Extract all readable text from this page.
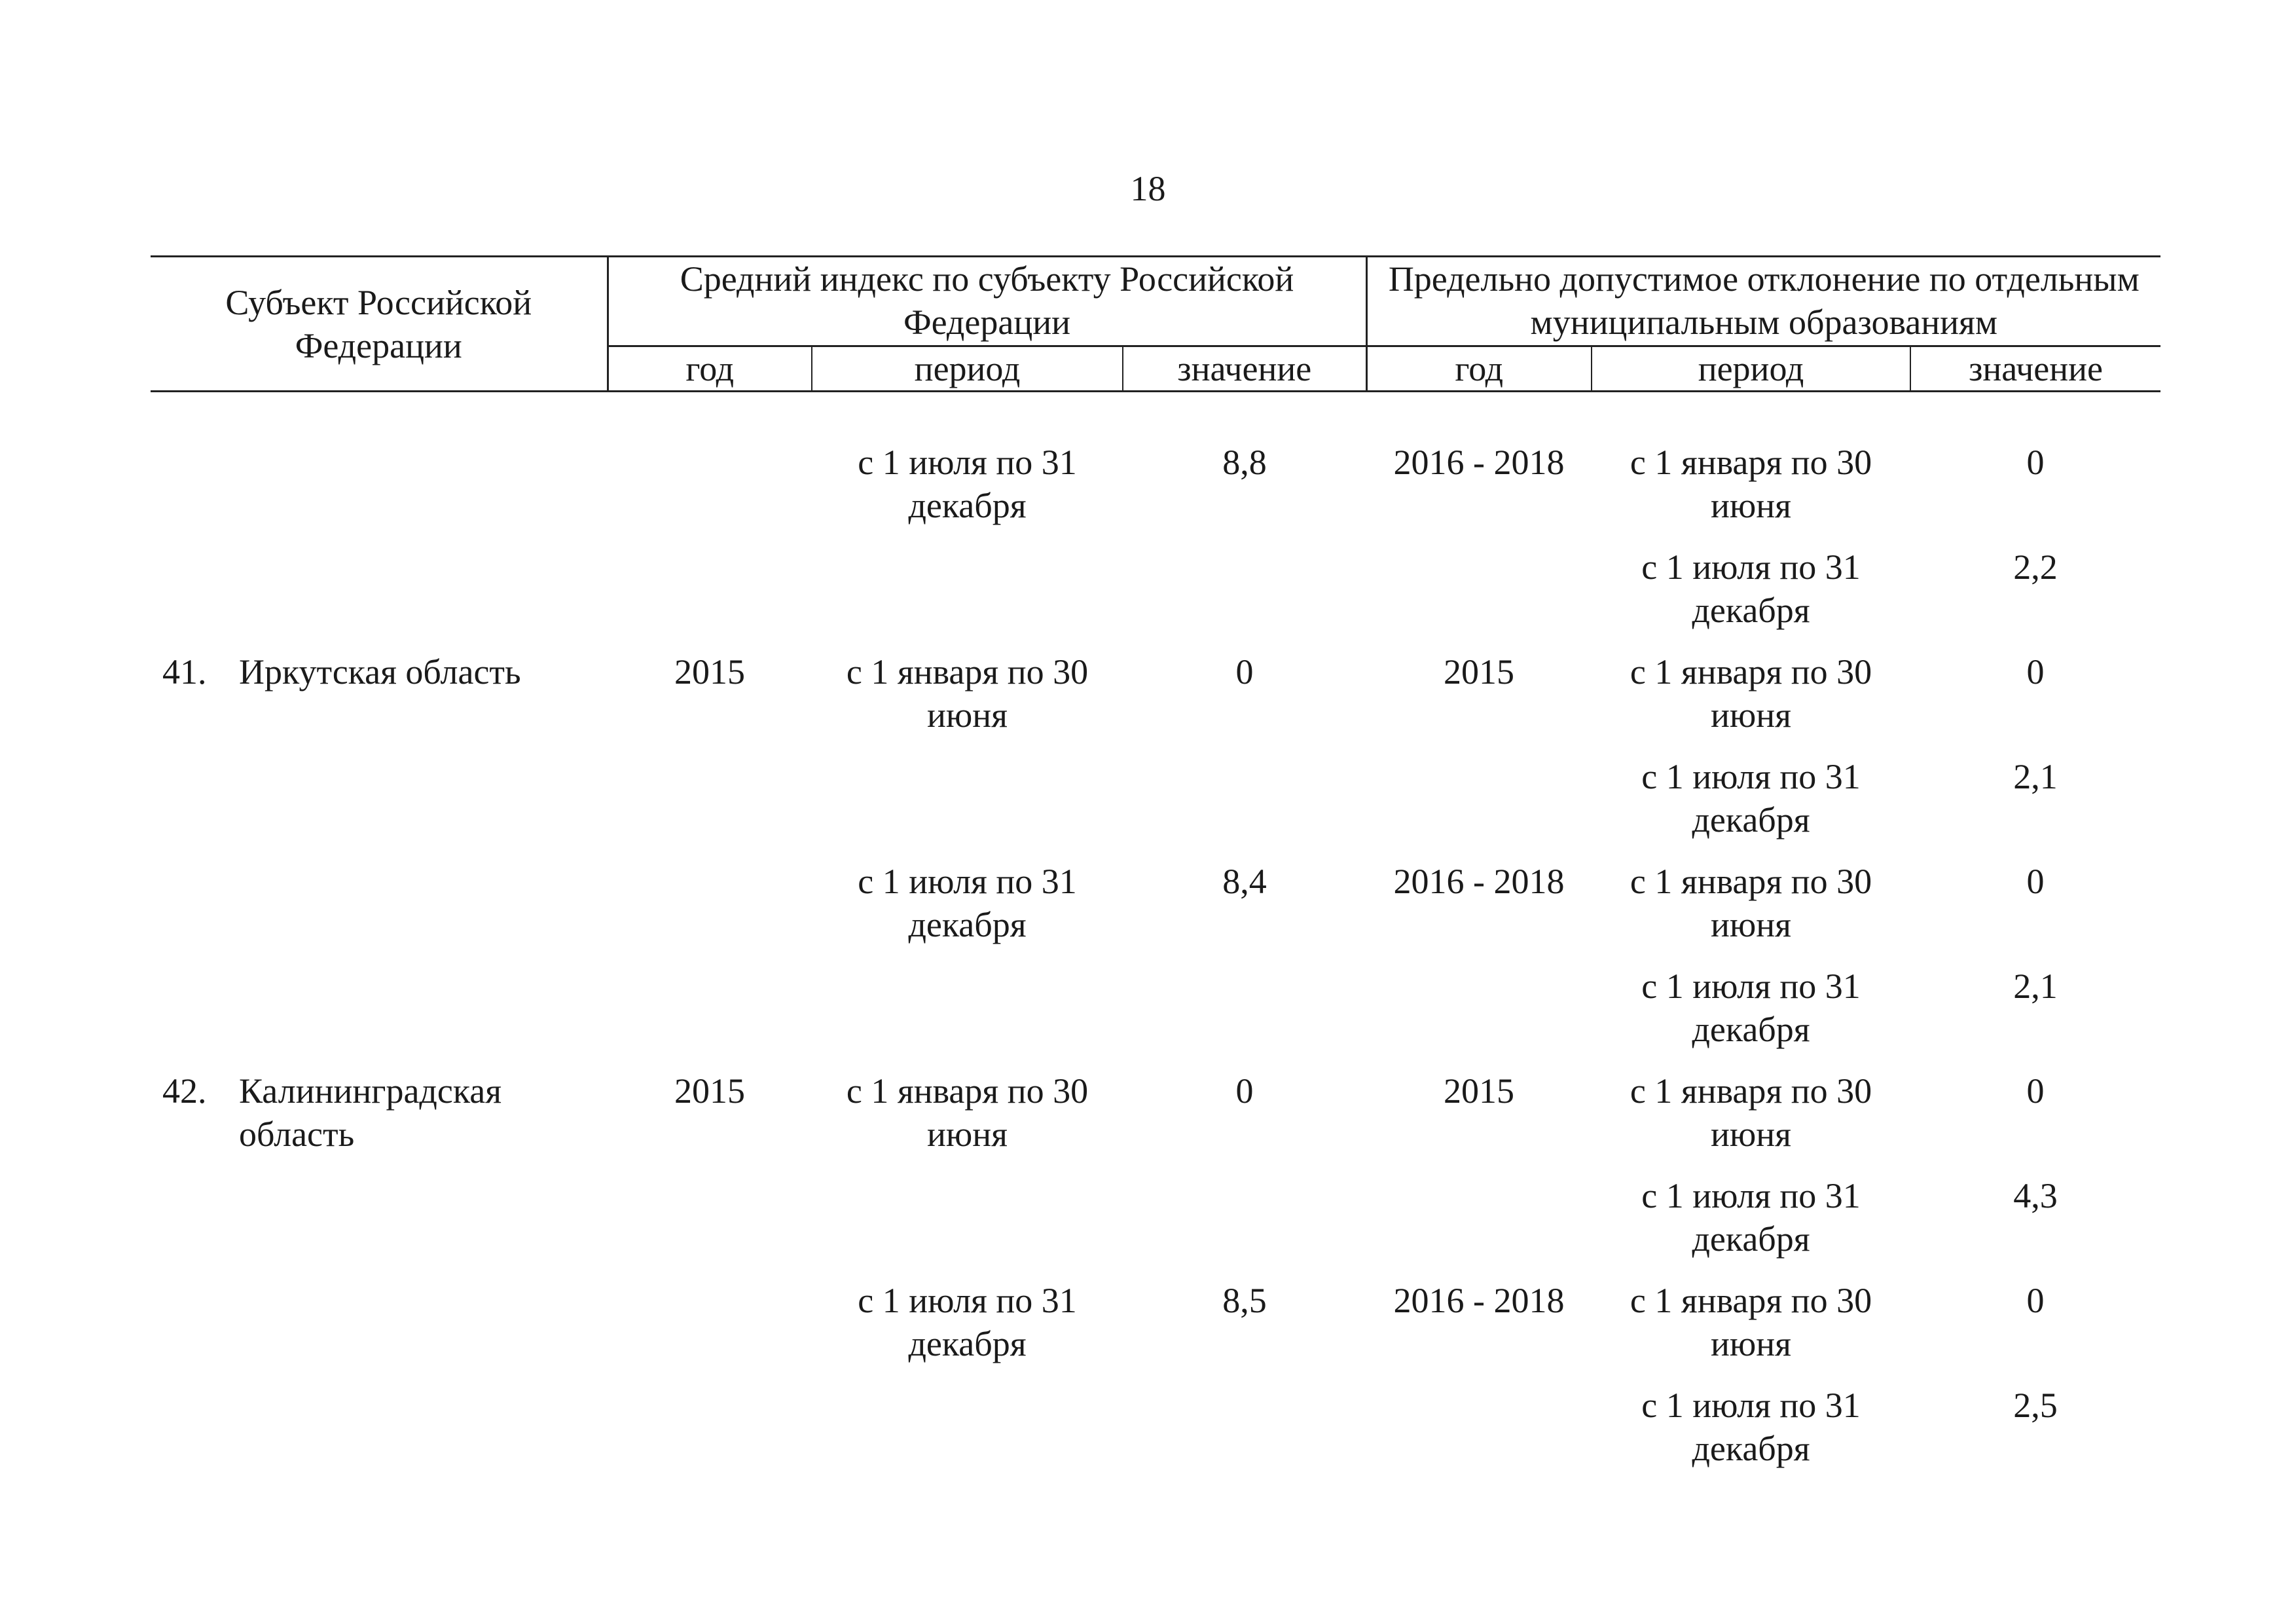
18
Субъект Российской Федерации		Средний индекс по субъекту Российской Федерации			Предельно допустимое отклонение по отдельным муниципальным образованиям		
		год	период	значение	год	период	значение
			с 1 июля по 31 декабря	8,8	2016 - 2018	с 1 января по 30 июня	0
						с 1 июля по 31 декабря	2,2
41.	Иркутская область	2015	с 1 января по 30 июня	0	2015	с 1 января по 30 июня	0
						с 1 июля по 31 декабря	2,1
			с 1 июля по 31 декабря	8,4	2016 - 2018	с 1 января по 30 июня	0
						с 1 июля по 31 декабря	2,1
42.	Калининградская область	2015	с 1 января по 30 июня	0	2015	с 1 января по 30 июня	0
						с 1 июля по 31 декабря	4,3
			с 1 июля по 31 декабря	8,5	2016 - 2018	с 1 января по 30 июня	0
						с 1 июля по 31 декабря	2,5
